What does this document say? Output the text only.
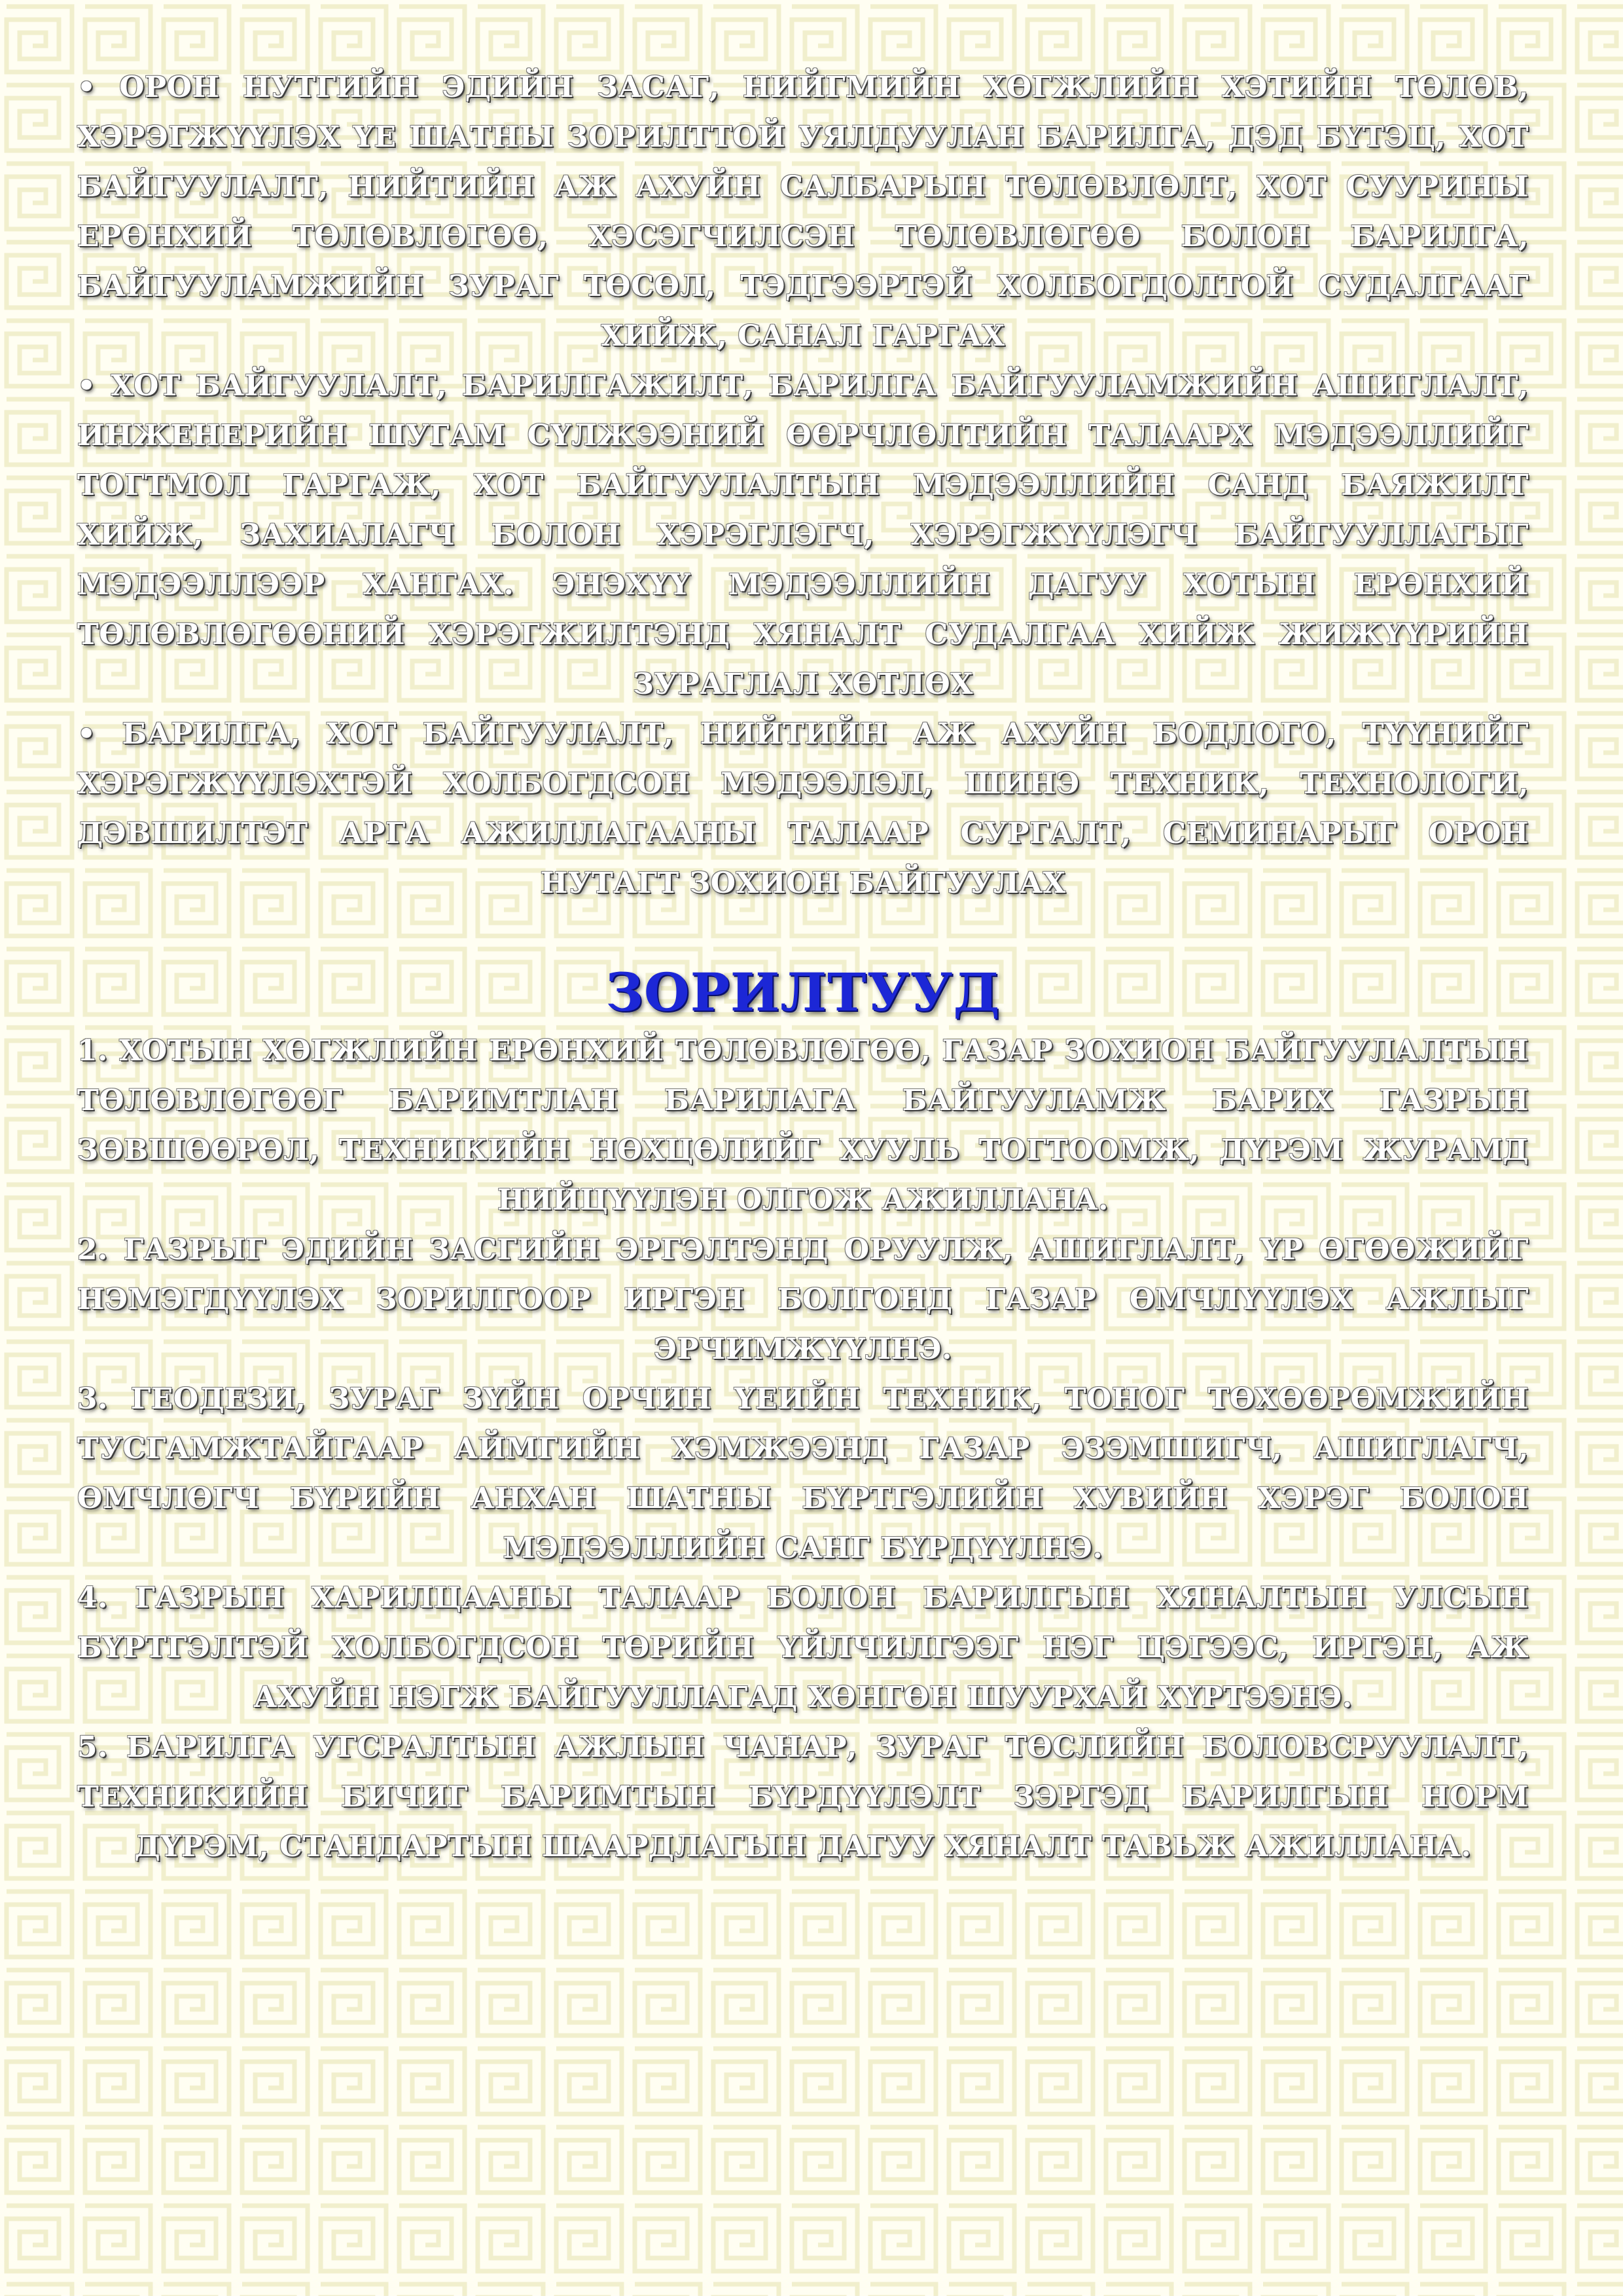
• ОРОН НУТГИЙН ЭДИЙН ЗАСАГ, НИЙГМИЙН ХӨГЖЛИЙН ХЭТИЙН ТӨЛӨВ, ХЭРЭГЖҮҮЛЭХ ҮЕ ШАТНЫ ЗОРИЛТТОЙ УЯЛДУУЛАН БАРИЛГА, ДЭД БҮТЭЦ, ХОТ БАЙГУУЛАЛТ, НИЙТИЙН АЖ АХУЙН САЛБАРЫН ТӨЛӨВЛӨЛТ, ХОТ СУУРИНЫ ЕРӨНХИЙ ТӨЛӨВЛӨГӨӨ, ХЭСЭГЧИЛСЭН ТӨЛӨВЛӨГӨӨ БОЛОН БАРИЛГА, БАЙГУУЛАМЖИЙН ЗУРАГ ТӨСӨЛ, ТЭДГЭЭРТЭЙ ХОЛБОГДОЛТОЙ СУДАЛГААГ ХИЙЖ, САНАЛ ГАРГАХ

• ХОТ БАЙГУУЛАЛТ, БАРИЛГАЖИЛТ, БАРИЛГА БАЙГУУЛАМЖИЙН АШИГЛАЛТ, ИНЖЕНЕРИЙН ШУГАМ СҮЛЖЭЭНИЙ ӨӨРЧЛӨЛТИЙН ТАЛААРХ МЭДЭЭЛЛИЙГ ТОГТМОЛ ГАРГАЖ, ХОТ БАЙГУУЛАЛТЫН МЭДЭЭЛЛИЙН САНД БАЯЖИЛТ ХИЙЖ, ЗАХИАЛАГЧ БОЛОН ХЭРЭГЛЭГЧ, ХЭРЭГЖҮҮЛЭГЧ БАЙГУУЛЛАГЫГ МЭДЭЭЛЛЭЭР ХАНГАХ. ЭНЭХҮҮ МЭДЭЭЛЛИЙН ДАГУУ ХОТЫН ЕРӨНХИЙ ТӨЛӨВЛӨГӨӨНИЙ ХЭРЭГЖИЛТЭНД ХЯНАЛТ СУДАЛГАА ХИЙЖ ЖИЖҮҮРИЙН ЗУРАГЛАЛ ХӨТЛӨХ

• БАРИЛГА, ХОТ БАЙГУУЛАЛТ, НИЙТИЙН АЖ АХУЙН БОДЛОГО, ТҮҮНИЙГ ХЭРЭГЖҮҮЛЭХТЭЙ ХОЛБОГДСОН МЭДЭЭЛЭЛ, ШИНЭ ТЕХНИК, ТЕХНОЛОГИ, ДЭВШИЛТЭТ АРГА АЖИЛЛАГААНЫ ТАЛААР СУРГАЛТ, СЕМИНАРЫГ ОРОН НУТАГТ ЗОХИОН БАЙГУУЛАХ

ЗОРИЛТУУД

1. ХОТЫН ХӨГЖЛИЙН ЕРӨНХИЙ ТӨЛӨВЛӨГӨӨ, ГАЗАР ЗОХИОН БАЙГУУЛАЛТЫН ТӨЛӨВЛӨГӨӨГ БАРИМТЛАН БАРИЛАГА БАЙГУУЛАМЖ БАРИХ ГАЗРЫН ЗӨВШӨӨРӨЛ, ТЕХНИКИЙН НӨХЦӨЛИЙГ ХУУЛЬ ТОГТООМЖ, ДҮРЭМ ЖУРАМД НИЙЦҮҮЛЭН ОЛГОЖ АЖИЛЛАНА.

2. ГАЗРЫГ ЭДИЙН ЗАСГИЙН ЭРГЭЛТЭНД ОРУУЛЖ, АШИГЛАЛТ, ҮР ӨГӨӨЖИЙГ НЭМЭГДҮҮЛЭХ ЗОРИЛГООР ИРГЭН БОЛГОНД ГАЗАР ӨМЧЛҮҮЛЭХ АЖЛЫГ ЭРЧИМЖҮҮЛНЭ.

3. ГЕОДЕЗИ, ЗУРАГ ЗҮЙН ОРЧИН ҮЕИЙН ТЕХНИК, ТОНОГ ТӨХӨӨРӨМЖИЙН ТУСГАМЖТАЙГААР АЙМГИЙН ХЭМЖЭЭНД ГАЗАР ЭЗЭМШИГЧ, АШИГЛАГЧ, ӨМЧЛӨГЧ БҮРИЙН АНХАН ШАТНЫ БҮРТГЭЛИЙН ХУВИЙН ХЭРЭГ БОЛОН МЭДЭЭЛЛИЙН САНГ БҮРДҮҮЛНЭ.

4. ГАЗРЫН ХАРИЛЦААНЫ ТАЛААР БОЛОН БАРИЛГЫН ХЯНАЛТЫН УЛСЫН БҮРТГЭЛТЭЙ ХОЛБОГДСОН ТӨРИЙН ҮЙЛЧИЛГЭЭГ НЭГ ЦЭГЭЭС, ИРГЭН, АЖ АХУЙН НЭГЖ БАЙГУУЛЛАГАД ХӨНГӨН ШУУРХАЙ ХҮРТЭЭНЭ.

5. БАРИЛГА УГСРАЛТЫН АЖЛЫН ЧАНАР, ЗУРАГ ТӨСЛИЙН БОЛОВСРУУЛАЛТ, ТЕХНИКИЙН БИЧИГ БАРИМТЫН БҮРДҮҮЛЭЛТ ЗЭРГЭД БАРИЛГЫН НОРМ ДҮРЭМ, СТАНДАРТЫН ШААРДЛАГЫН ДАГУУ ХЯНАЛТ ТАВЬЖ АЖИЛЛАНА.
